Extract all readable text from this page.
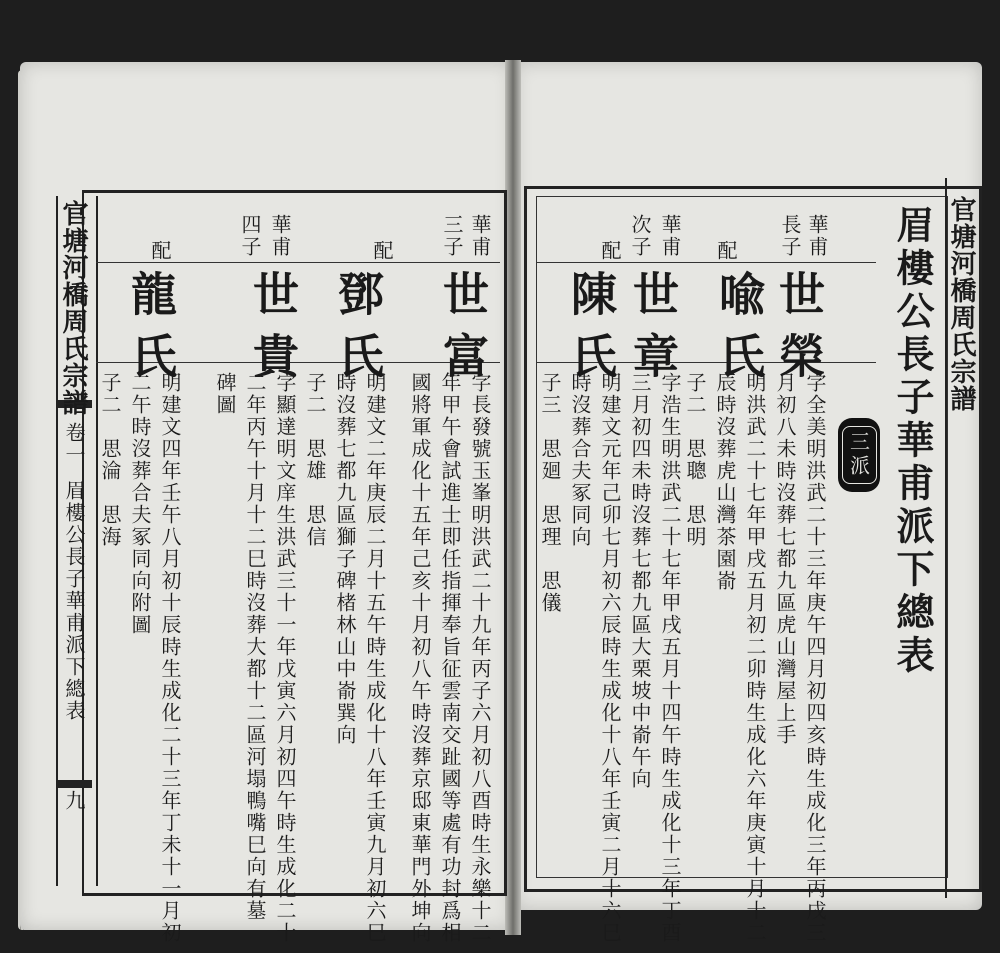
官塘河橋周氏宗譜
眉樓公長子華甫派下總表
三派
華甫
長子
配
世榮
喩氏
字全美明洪武二十三年庚午四月初四亥時生成化三年丙戌三
月初八未時沒葬七都九區虎山灣屋上手
明洪武二十七年甲戌五月初二卯時生成化六年庚寅十月十二
辰時沒葬虎山灣茶園嵛
子二　思聰　思明
華甫
次子
配
世章
陳氏
字浩生明洪武二十七年甲戌五月十四午時生成化十三年丁酉
三月初四未時沒葬七都九區大栗坡中嵛午向
明建文元年己卯七月初六辰時生成化十八年壬寅二月十六巳
時沒葬合夫冢同向
子三　思廻　思理　思儀
官塘河橋周氏宗譜
卷一
眉樓公長子華甫派下總表
九
華甫
三子
配
世富
鄧氏
字長發號玉峯明洪武二十九年丙子六月初八酉時生永樂十二
年甲午會試進士即任指揮奉旨征雲南交趾國等處有功封爲相
國將軍成化十五年己亥十月初八午時沒葬京邸東華門外坤向
明建文二年庚辰二月十五午時生成化十八年壬寅九月初六巳
時沒葬七都九區獅子碑楮林山中嵛巽向
子二　思雄　思信
華甫
四子
配
世貴
龍氏
字顯達明文庠生洪武三十一年戊寅六月初四午時生成化二十
二年丙午十月十二巳時沒葬大都十二區河塌鴨嘴巳向有墓
碑圖
明建文四年壬午八月初十辰時生成化二十三年丁未十一月初
二午時沒葬合夫冢同向附圖
子二　思淪　思海
